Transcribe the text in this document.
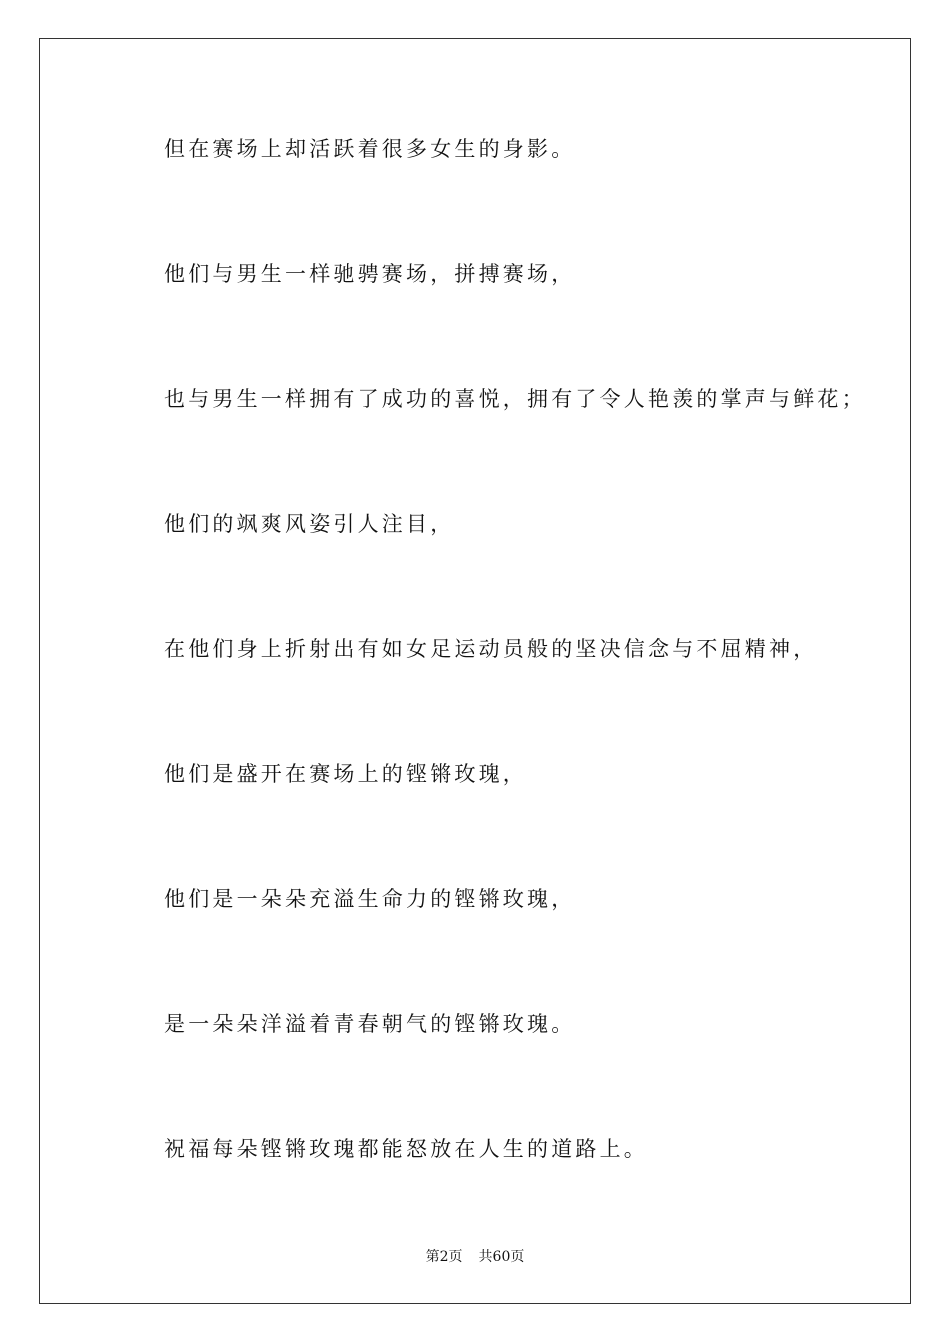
但在赛场上却活跃着很多女生的身影。
他们与男生一样驰骋赛场，拼搏赛场，
也与男生一样拥有了成功的喜悦，拥有了令人艳羡的掌声与鲜花；
他们的飒爽风姿引人注目，
在他们身上折射出有如女足运动员般的坚决信念与不屈精神，
他们是盛开在赛场上的铿锵玫瑰，
他们是一朵朵充溢生命力的铿锵玫瑰，
是一朵朵洋溢着青春朝气的铿锵玫瑰。
祝福每朵铿锵玫瑰都能怒放在人生的道路上。
第2页 共60页
